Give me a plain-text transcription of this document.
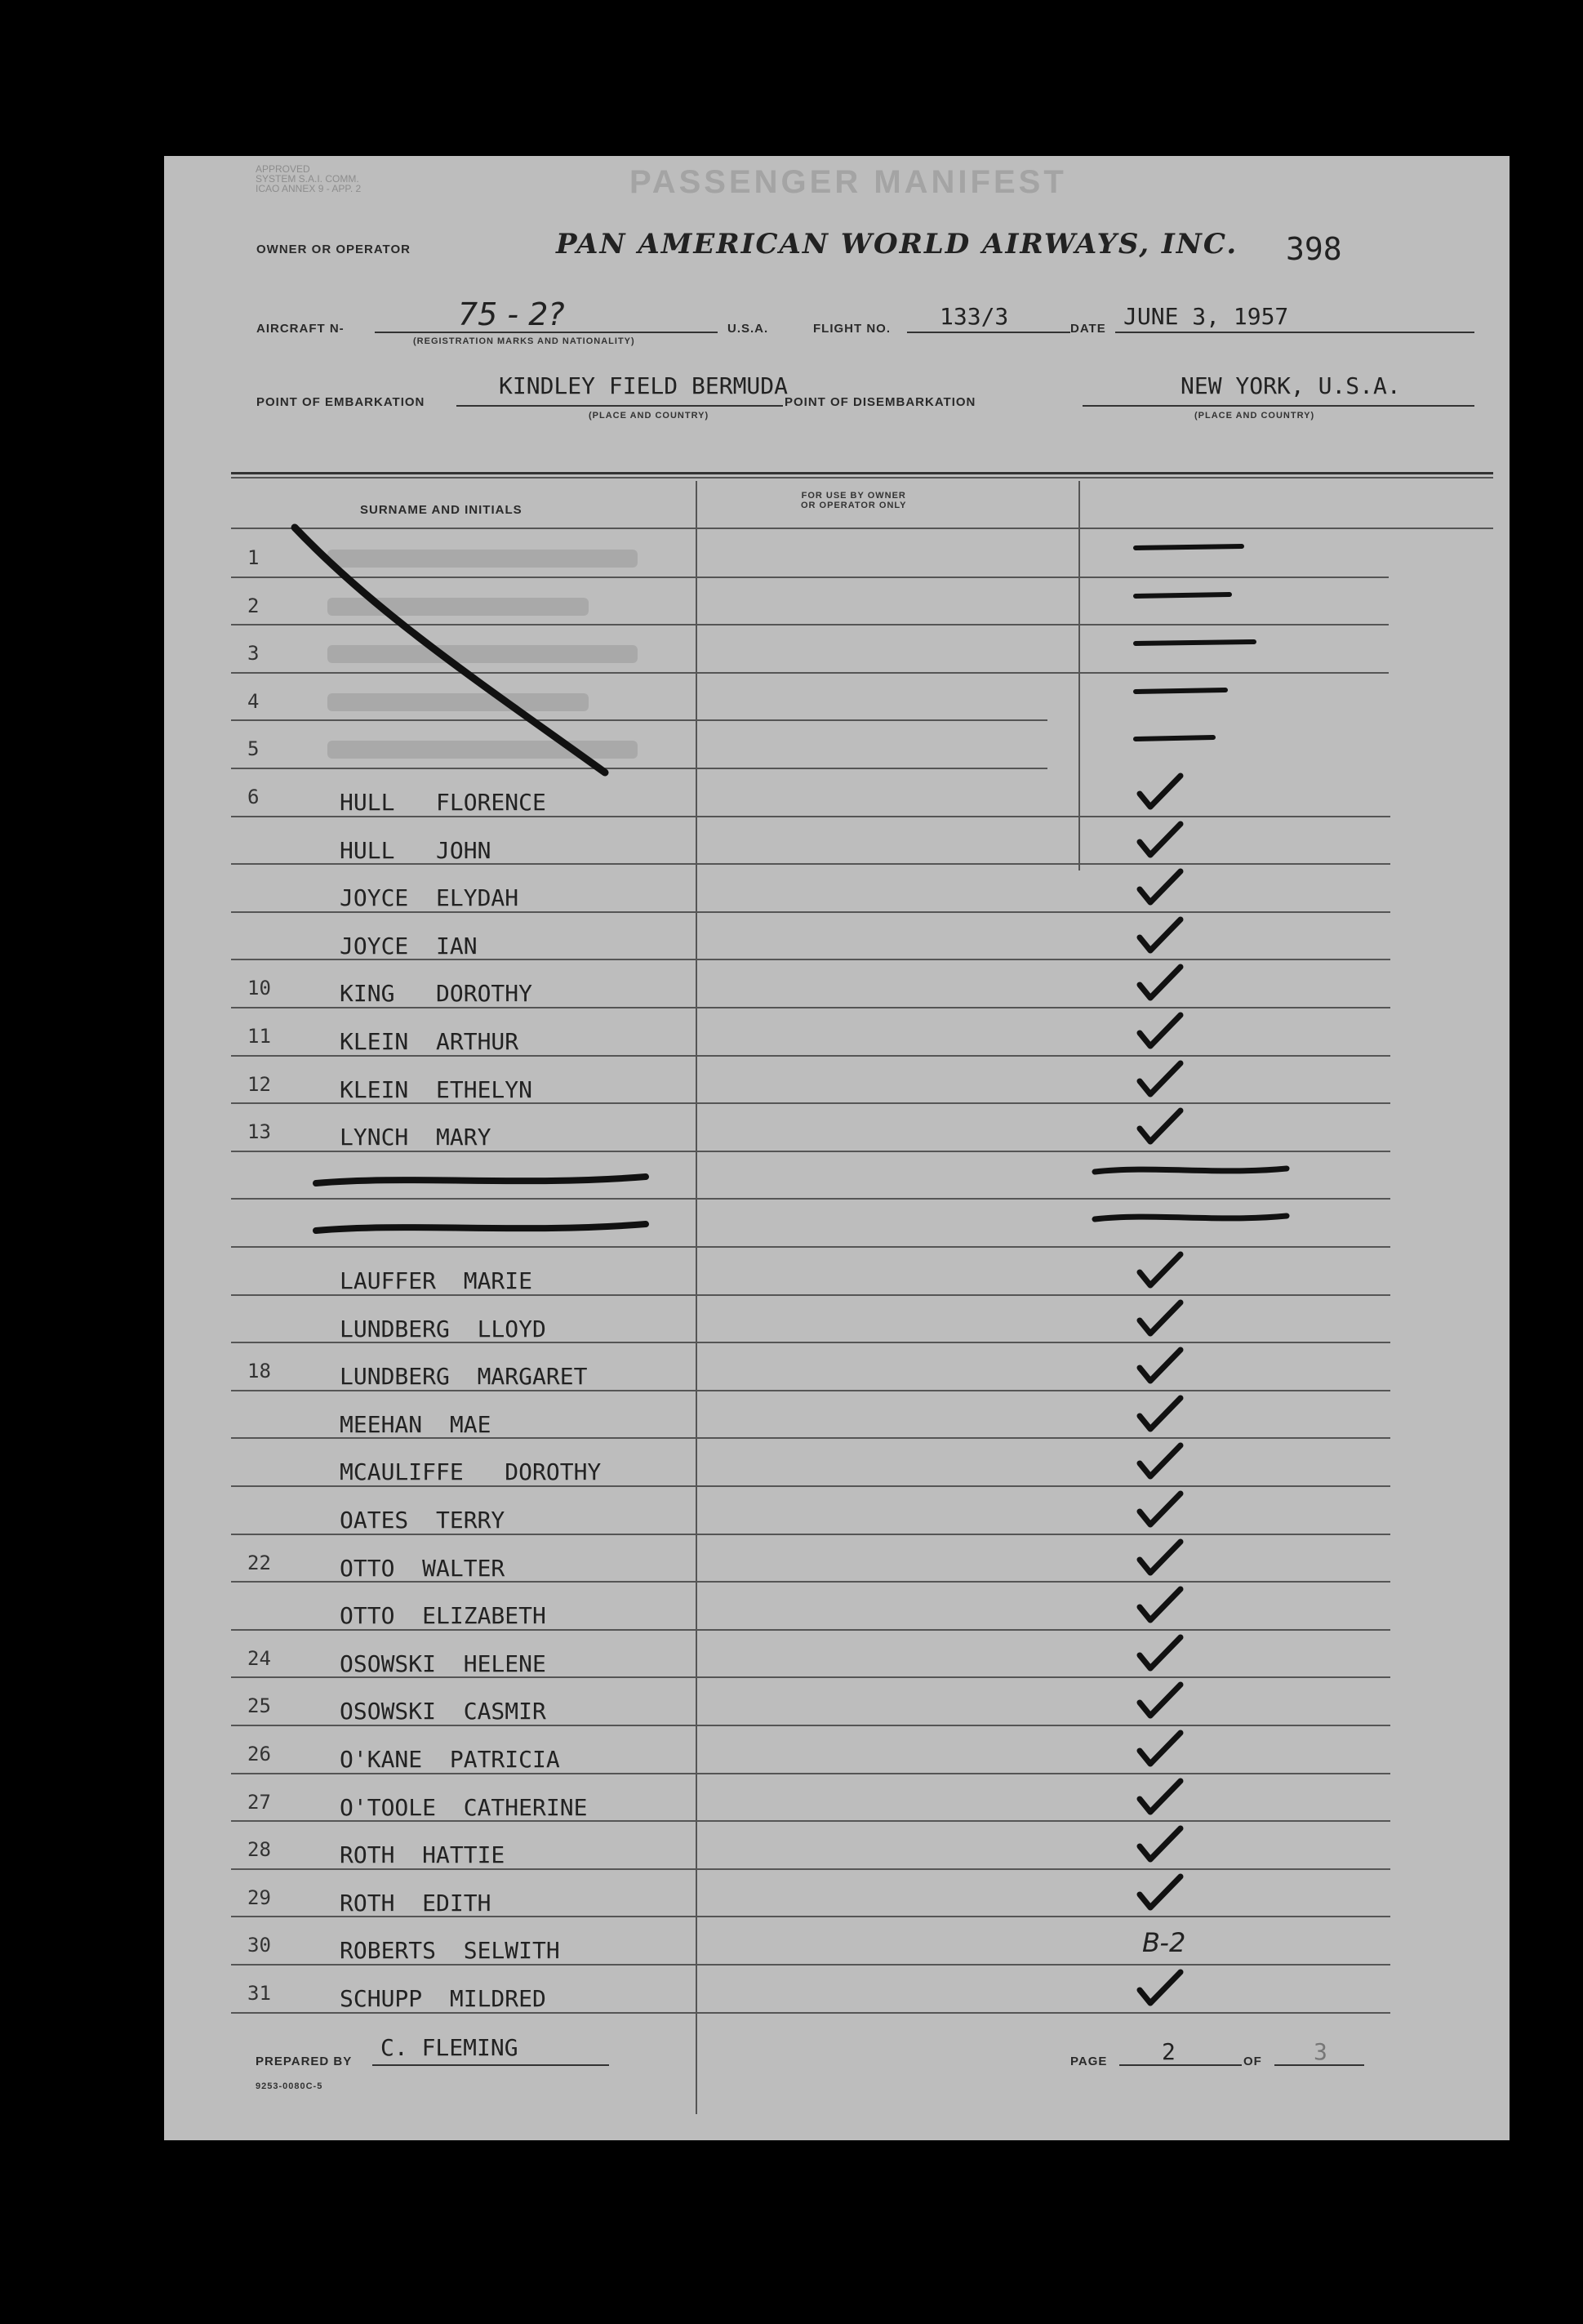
APPROVED
SYSTEM S.A.I. COMM.
ICAO ANNEX 9 - APP. 2	PASSENGER MANIFEST
OWNER OR OPERATOR	PAN AMERICAN WORLD AIRWAYS, INC. 398
AIRCRAFT N-	75 - 2?
(REGISTRATION MARKS AND NATIONALITY)
U.S.A.	FLIGHT NO. 133/3	DATE JUNE 3, 1957
POINT OF EMBARKATION
KINDLEY FIELD BERMUDA
(PLACE AND COUNTRY)
POINT OF DISEMBARKATION
NEW YORK, U.S.A.
(PLACE AND COUNTRY)
SURNAME AND INITIALS
FOR USE BY OWNER
OR OPERATOR ONLY
1
2
3
4
5
6	HULL   FLORENCE
HULL   JOHN
JOYCE  ELYDAH
JOYCE  IAN
10	KING   DOROTHY
11	KLEIN  ARTHUR
12	KLEIN  ETHELYN
13	LYNCH  MARY
LAUFFER  MARIE
LUNDBERG  LLOYD
18	LUNDBERG  MARGARET
MEEHAN  MAE
MCAULIFFE   DOROTHY
OATES  TERRY
22	OTTO  WALTER
OTTO  ELIZABETH
24	OSOWSKI  HELENE
25	OSOWSKI  CASMIR
26	O'KANE  PATRICIA
27	O'TOOLE  CATHERINE
28	ROTH  HATTIE
29	ROTH  EDITH
30	ROBERTS  SELWITH	B-2
31	SCHUPP  MILDRED
PREPARED BY
C. FLEMING
PAGE 2	OF 3
9253-0080C-5
